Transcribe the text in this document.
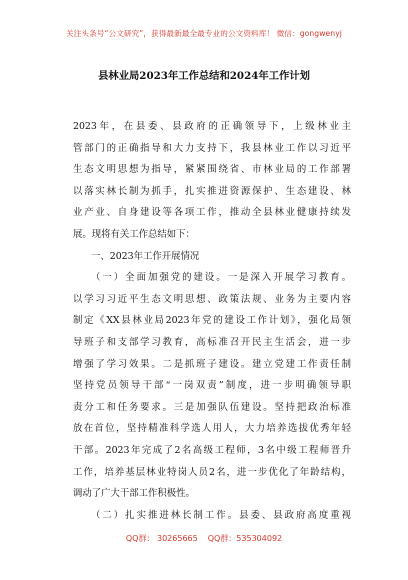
关注头条号“公文研究”，获得最新最全最专业的公文资料库！ 微信：gongwenyj
县林业局2023年工作总结和2024年工作计划
2023年，在县委、县政府的正确领导下，上级林业主
管部门的正确指导和大力支持下，我县林业工作以习近平
生态文明思想为指导，紧紧围绕省、市林业局的工作部署
以落实林长制为抓手，扎实推进资源保护、生态建设、林
业产业、自身建设等各项工作，推动全县林业健康持续发
展。现将有关工作总结如下：
一、2023年工作开展情况
（一）全面加强党的建设。一是深入开展学习教育。
以学习习近平生态文明思想、政策法规、业务为主要内容
制定《XX县林业局2023年党的建设工作计划》，强化局领
导班子和支部学习教育，高标准召开民主生活会，进一步
增强了学习效果。二是抓班子建设。建立党建工作责任制
坚持党员领导干部“一岗双责”制度，进一步明确领导职
责分工和任务要求。三是加强队伍建设。坚持把政治标准
放在首位，坚持精准科学选人用人，大力培养选拔优秀年轻
干部。2023年完成了2名高级工程师，3名中级工程师晋升
工作，培养基层林业特岗人员2名，进一步优化了年龄结构，
调动了广大干部工作积极性。
（二）扎实推进林长制工作。县委、县政府高度重视
QQ群： 30265665 QQ群：535304092
